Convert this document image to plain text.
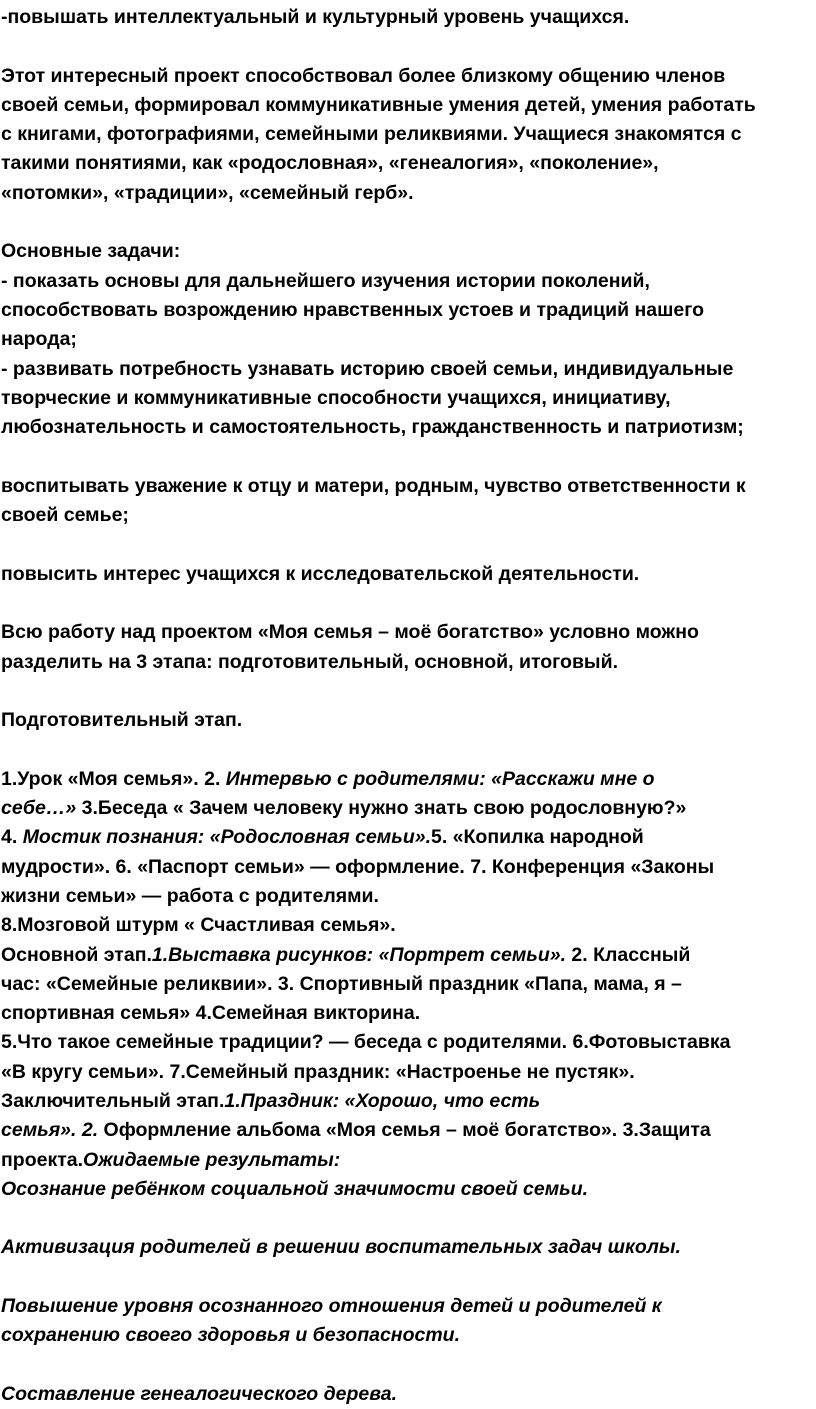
-повышать интеллектуальный и культурный уровень учащихся.

Этот интересный проект способствовал более близкому общению членов

своей семьи, формировал коммуникативные умения детей, умения работать

с книгами, фотографиями, семейными реликвиями. Учащиеся знакомятся с

такими понятиями, как «родословная», «генеалогия», «поколение»,

«потомки», «традиции», «семейный герб».

Основные задачи:

- показать основы для дальнейшего изучения истории поколений,

способствовать возрождению нравственных устоев и традиций нашего

народа;

- развивать потребность узнавать историю своей семьи, индивидуальные

творческие и коммуникативные способности учащихся, инициативу,

любознательность и самостоятельность, гражданственность и патриотизм;

воспитывать уважение к отцу и матери, родным, чувство ответственности к

своей семье;

повысить интерес учащихся к исследовательской деятельности.

Всю работу над проектом «Моя семья – моё богатство» условно можно

разделить на 3 этапа: подготовительный, основной, итоговый.

Подготовительный этап.

1.Урок «Моя семья». 2. Интервью с родителями: «Расскажи мне о

себе…» 3.Беседа « Зачем человеку нужно знать свою родословную?»

4. Мостик познания: «Родословная семьи».5. «Копилка народной

мудрости». 6. «Паспорт семьи» — оформление. 7. Конференция «Законы

жизни семьи» — работа с родителями.

8.Мозговой штурм « Счастливая семья».

Основной этап.1.Выставка рисунков: «Портрет семьи». 2. Классный

час: «Семейные реликвии». 3. Спортивный праздник «Папа, мама, я –

спортивная семья» 4.Семейная викторина.

5.Что такое семейные традиции? — беседа с родителями. 6.Фотовыставка

«В кругу семьи». 7.Семейный праздник: «Настроенье не пустяк».

Заключительный этап.1.Праздник: «Хорошо, что есть

семья». 2. Оформление альбома «Моя семья – моё богатство». 3.Защита

проекта.Ожидаемые результаты:

Осознание ребёнком социальной значимости своей семьи.

Активизация родителей в решении воспитательных задач школы.

Повышение уровня осознанного отношения детей и родителей к

сохранению своего здоровья и безопасности.

Составление генеалогического дерева.
